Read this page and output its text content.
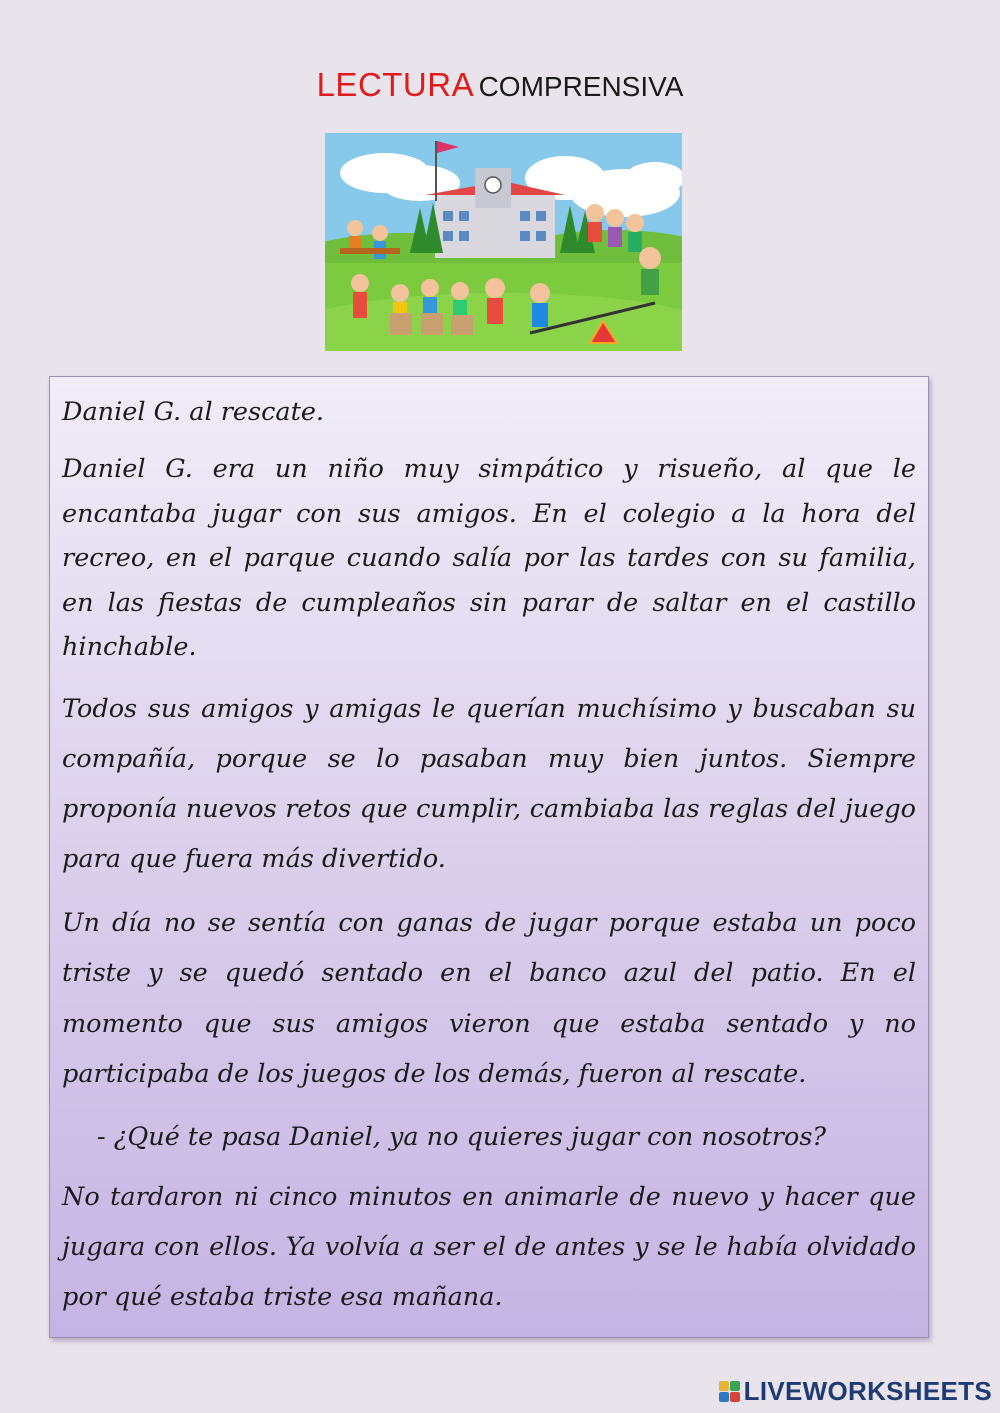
LECTURA COMPRENSIVA

Daniel G. al rescate.

Daniel G. era un niño muy simpático y risueño, al que le encantaba jugar con sus amigos. En el colegio a la hora del recreo, en el parque cuando salía por las tardes con su familia, en las fiestas de cumpleaños sin parar de saltar en el castillo hinchable.

Todos sus amigos y amigas le querían muchísimo y buscaban su compañía, porque se lo pasaban muy bien juntos. Siempre proponía nuevos retos que cumplir, cambiaba las reglas del juego para que fuera más divertido.

Un día no se sentía con ganas de jugar porque estaba un poco triste y se quedó sentado en el banco azul del patio. En el momento que sus amigos vieron que estaba sentado y no participaba de los juegos de los demás, fueron al rescate.

- ¿Qué te pasa Daniel, ya no quieres jugar con nosotros?

No tardaron ni cinco minutos en animarle de nuevo y hacer que jugara con ellos. Ya volvía a ser el de antes y se le había olvidado por qué estaba triste esa mañana.

LIVEWORKSHEETS
